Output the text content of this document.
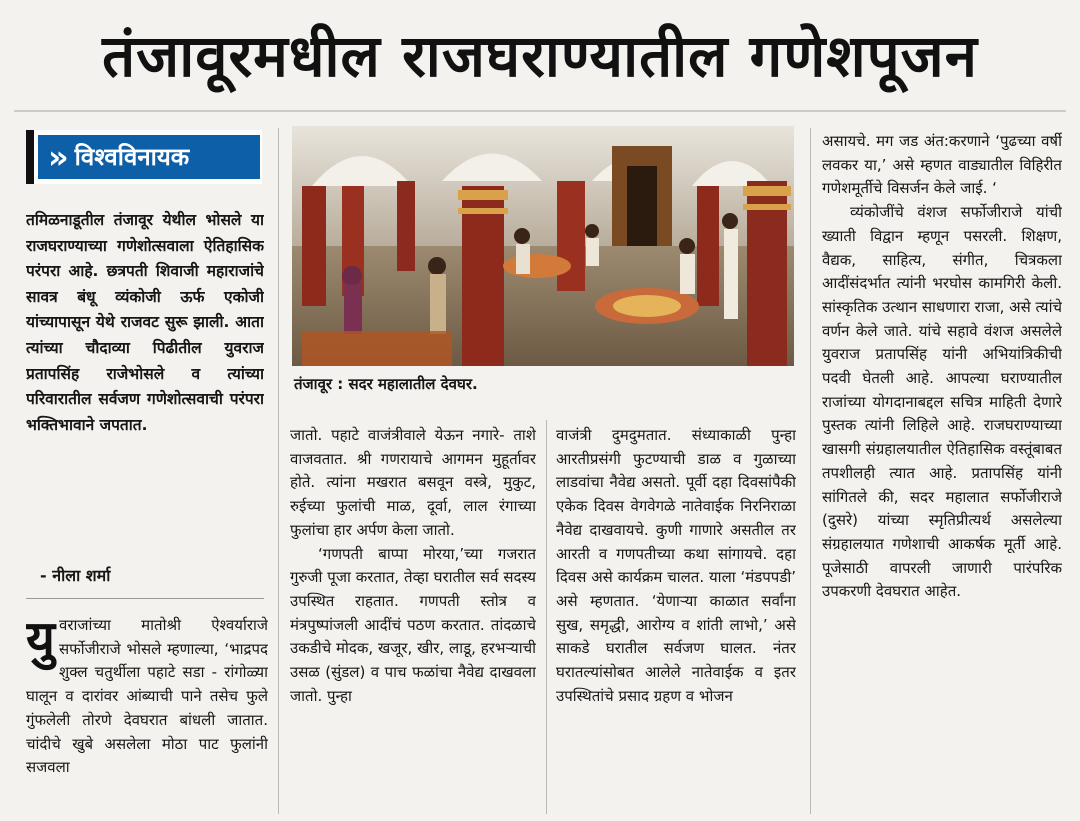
तंजावूरमधील राजघराण्यातील गणेशपूजन
» विश्वविनायक
तमिळनाडूतील तंजावूर येथील भोसले या राजघराण्याच्या गणेशोत्सवाला ऐतिहासिक परंपरा आहे. छत्रपती शिवाजी महाराजांचे सावत्र बंधू व्यंकोजी ऊर्फ एकोजी यांच्यापासून येथे राजवट सुरू झाली. आता त्यांच्या चौदाव्या पिढीतील युवराज प्रतापसिंह राजेभोसले व त्यांच्या परिवारातील सर्वजण गणेशोत्सवाची परंपरा भक्तिभावाने जपतात.
- नीला शर्मा
युवराजांच्या मातोश्री ऐश्वर्याराजे सर्फोजीराजे भोसले म्हणाल्या, ‘भाद्रपद शुक्ल चतुर्थीला पहाटे सडा - रांगोळ्या घालून व दारांवर आंब्याची पाने तसेच फुले गुंफलेली तोरणे देवघरात बांधली जातात. चांदीचे खुबे असलेला मोठा पाट फुलांनी सजवला
तंजावूर : सदर महालातील देवघर.

जातो. पहाटे वाजंत्रीवाले येऊन नगारे- ताशे वाजवतात. श्री गणरायाचे आगमन मुहूर्तावर होते. त्यांना मखरात बसवून वस्त्रे, मुकुट, रुईच्या फुलांची माळ, दूर्वा, लाल रंगाच्या फुलांचा हार अर्पण केला जातो.

‘गणपती बाप्पा मोरया,’च्या गजरात गुरुजी पूजा करतात, तेव्हा घरातील सर्व सदस्य उपस्थित राहतात. गणपती स्तोत्र व मंत्रपुष्पांजली आदींचं पठण करतात. तांदळाचे उकडीचे मोदक, खजूर, खीर, लाडू, हरभऱ्याची उसळ (सुंडल) व पाच फळांचा नैवेद्य दाखवला जातो. पुन्हा

वाजंत्री दुमदुमतात. संध्याकाळी पुन्हा आरतीप्रसंगी फुटण्याची डाळ व गुळाच्या लाडवांचा नैवेद्य असतो. पूर्वी दहा दिवसांपैकी एकेक दिवस वेगवेगळे नातेवाईक निरनिराळा नैवेद्य दाखवायचे. कुणी गाणारे असतील तर आरती व गणपतीच्या कथा सांगायचे. दहा दिवस असे कार्यक्रम चालत. याला ‘मंडपपडी’ असे म्हणतात. ‘येणाऱ्या काळात सर्वांना सुख, समृद्धी, आरोग्य व शांती लाभो,’ असे साकडे घरातील सर्वजण घालत. नंतर घरातल्यांसोबत आलेले नातेवाईक व इतर उपस्थितांचे प्रसाद ग्रहण व भोजन

असायचे. मग जड अंत:करणाने ‘पुढच्या वर्षी लवकर या,’ असे म्हणत वाड्यातील विहिरीत गणेशमूर्तीचे विसर्जन केले जाई. ‘

व्यंकोजींचे वंशज सर्फोजीराजे यांची ख्याती विद्वान म्हणून पसरली. शिक्षण, वैद्यक, साहित्य, संगीत, चित्रकला आदींसंदर्भात त्यांनी भरघोस कामगिरी केली. सांस्कृतिक उत्थान साधणारा राजा, असे त्यांचे वर्णन केले जाते. यांचे सहावे वंशज असलेले युवराज प्रतापसिंह यांनी अभियांत्रिकीची पदवी घेतली आहे. आपल्या घराण्यातील राजांच्या योगदानाबद्दल सचित्र माहिती देणारे पुस्तक त्यांनी लिहिले आहे. राजघराण्याच्या खासगी संग्रहालयातील ऐतिहासिक वस्तूंबाबत तपशीलही त्यात आहे. प्रतापसिंह यांनी सांगितले की, सदर महालात सर्फोजीराजे (दुसरे) यांच्या स्मृतिप्रीत्यर्थ असलेल्या संग्रहालयात गणेशाची आकर्षक मूर्ती आहे. पूजेसाठी वापरली जाणारी पारंपरिक उपकरणी देवघरात आहेत.
